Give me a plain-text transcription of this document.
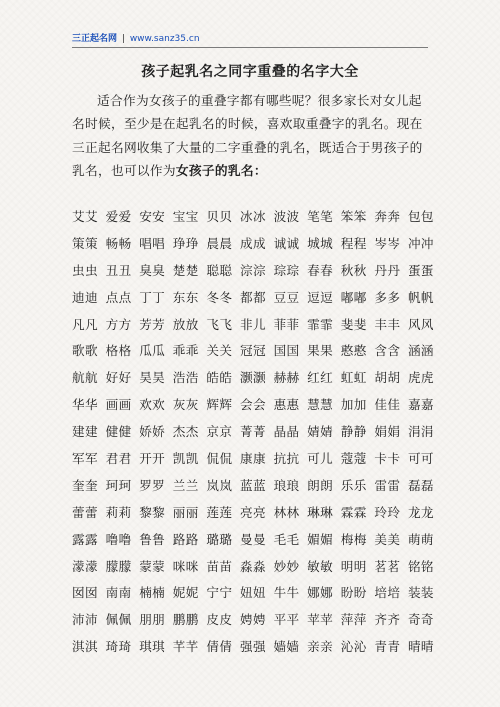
三正起名网 | www.sanz35.cn
孩子起乳名之同字重叠的名字大全
适合作为女孩子的重叠字都有哪些呢？很多家长对女儿起名时候，至少是在起乳名的时候，喜欢取重叠字的乳名。现在三正起名网收集了大量的二字重叠的乳名，既适合于男孩子的乳名，也可以作为女孩子的乳名：
艾艾 爱爱 安安 宝宝 贝贝 冰冰 波波 笔笔 笨笨 奔奔 包包
策策 畅畅 唱唱 琤琤 晨晨 成成 诚诚 城城 程程 岑岑 冲冲
虫虫 丑丑 臭臭 楚楚 聪聪 淙淙 琮琮 春春 秋秋 丹丹 蛋蛋
迪迪 点点 丁丁 东东 冬冬 都都 豆豆 逗逗 嘟嘟 多多 帆帆
凡凡 方方 芳芳 放放 飞飞 非儿 菲菲 霏霏 斐斐 丰丰 风风
歌歌 格格 瓜瓜 乖乖 关关 冠冠 国国 果果 憨憨 含含 涵涵
航航 好好 昊昊 浩浩 皓皓 灏灏 赫赫 红红 虹虹 胡胡 虎虎
华华 画画 欢欢 灰灰 辉辉 会会 惠惠 慧慧 加加 佳佳 嘉嘉
建建 健健 娇娇 杰杰 京京 菁菁 晶晶 婧婧 静静 娟娟 涓涓
军军 君君 开开 凯凯 侃侃 康康 抗抗 可儿 蔻蔻 卡卡 可可
奎奎 珂珂 罗罗 兰兰 岚岚 蓝蓝 琅琅 朗朗 乐乐 雷雷 磊磊
蕾蕾 莉莉 黎黎 丽丽 莲莲 亮亮 林林 琳琳 霖霖 玲玲 龙龙
露露 噜噜 鲁鲁 路路 璐璐 曼曼 毛毛 媚媚 梅梅 美美 萌萌
濛濛 朦朦 蒙蒙 咪咪 苗苗 淼淼 妙妙 敏敏 明明 茗茗 铭铭
囡囡 南南 楠楠 妮妮 宁宁 妞妞 牛牛 娜娜 盼盼 培培 装装
沛沛 佩佩 朋朋 鹏鹏 皮皮 娉娉 平平 苹苹 萍萍 齐齐 奇奇
淇淇 琦琦 琪琪 芊芊 倩倩 强强 嫱嫱 亲亲 沁沁 青青 晴晴
